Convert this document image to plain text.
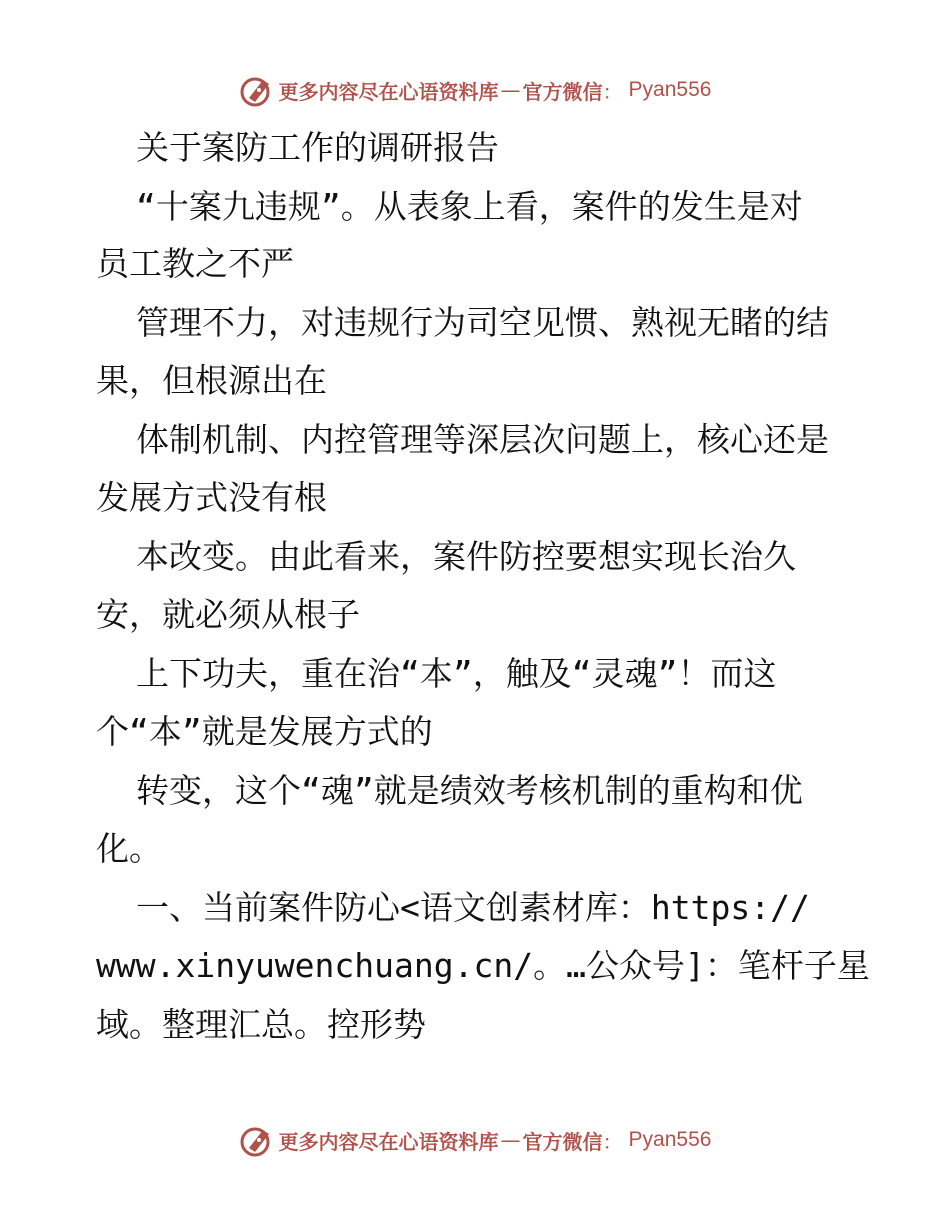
更多内容尽在心语资料库 — 官方微信 ： Pyan556
关于案防工作的调研报告
“十案九违规”。从表象上看，案件的发生是对
员工教之不严
管理不力，对违规行为司空见惯、熟视无睹的结
果，但根源出在
体制机制、内控管理等深层次问题上，核心还是
发展方式没有根
本改变。由此看来，案件防控要想实现长治久
安，就必须从根子
上下功夫，重在治“本”，触及“灵魂”！而这
个“本”就是发展方式的
转变，这个“魂”就是绩效考核机制的重构和优
化。
一、当前案件防心<语文创素材库：https://
www.xinyuwenchuang.cn/。…公众号]：笔杆子星
域。整理汇总。控形势
更多内容尽在心语资料库 — 官方微信 ： Pyan556
